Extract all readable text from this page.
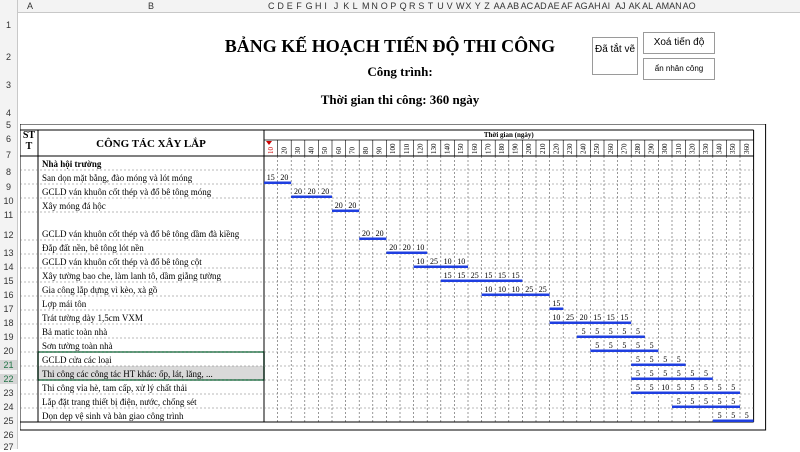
A	B	C D E F G H I J K L M N O P Q R S T U V W X Y Z AA AB AC AD AE AF AG AH AI AJ AK AL AM AN AO
1
2
3
4
5
6
7
8
9
10
11
12
13
14
15
16
17
18
19
20
21
22
23
24
25
26
27
BẢNG KẾ HOẠCH TIẾN ĐỘ THI CÔNG
Công trình:
Thời gian thi công: 360 ngày
Đã tắt vẽ
Xoá tiến độ
ẩn nhân công
ST T	CÔNG TÁC XÂY LẮP
Thời gian (ngày)
10 20 30 40 50 60 70 80 90 100 110 120 130 140 150 160 170 180 190 200 210 220 230 240 250 260 270 280 290 300 310 320 330 340 350 360
Nhà hội trường
San dọn mặt bằng, đào móng và lót móng	15 20
GCLD ván khuôn cốt thép và đổ bê tông móng	20 20 20
Xây móng đá hộc	20 20
GCLD ván khuôn cốt thép và đổ bê tông dầm đà kiềng	20 20
Đắp đất nền, bê tông lót nền	20 20 10
GCLD ván khuôn cốt thép và đổ bê tông cột	10 25 10 10
Xây tường bao che, làm lanh tô, dầm giằng tường	15 15 25 15 15 15
Gia công lắp dựng vì kèo, xà gồ	10 10 10 25 25
Lợp mái tôn	15
Trát tường dày 1,5cm VXM	10 25 20 15 15 15
Bả matic toàn nhà	5 5 5 5 5
Sơn tường toàn nhà	5 5 5 5 5
GCLD cửa các loại	5 5 5 5
Thi công các công tác HT khác: ốp, lát, lăng, ...	5 5 5 5 5 5
Thi công vỉa hè, tam cấp, xử lý chất thải	5 5 10 5 5 5 5 5
Lắp đặt trang thiết bị điện, nước, chống sét	5 5 5 5 5
Dọn dẹp vệ sinh và bàn giao công trình	5 5 5
